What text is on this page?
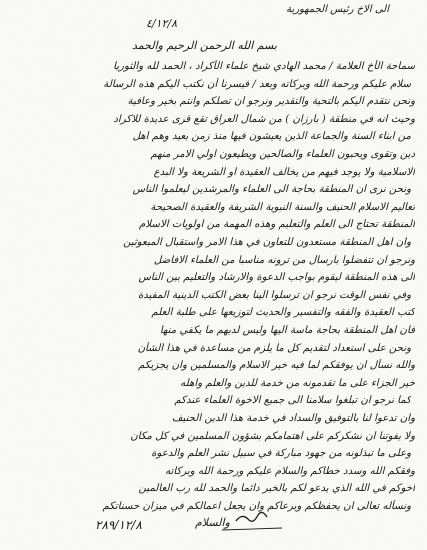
الى الاخ رئيس الجمهورية
٤/١٢/٨
بسم الله الرحمن الرحيم والحمد
سماحة الأخ العلامة / محمد الهادي شيخ علماء الأكراد ، الحمد لله والثوريا
سلام عليكم ورحمة الله وبركاته وبعد / فيسرنا أن نكتب اليكم هذه الرسالة
ونحن نتقدم اليكم بالتحية والتقدير ونرجو ان تصلكم وانتم بخير وعافية
وحيث انه في منطقة ( بارزان ) من شمال العراق تقع قرى عديدة للاكراد
من ابناء السنة والجماعة الذين يعيشون فيها منذ زمن بعيد وهم اهل
دين وتقوى ويحبون العلماء والصالحين ويطيعون اولي الامر منهم
الاسلامية ولا يوجد فيهم من يخالف العقيدة او الشريعة ولا البدع
ونحن نرى ان المنطقة بحاجة الى العلماء والمرشدين ليعلموا الناس
تعاليم الاسلام الحنيف والسنة النبوية الشريفة والعقيدة الصحيحة
المنطقة تحتاج الى العلم والتعليم وهذه المهمة من اولويات الاسلام
وان اهل المنطقة مستعدون للتعاون في هذا الامر واستقبال المبعوثين
ونرجو ان تتفضلوا بارسال من ترونه مناسبا من العلماء الافاضل
الى هذه المنطقة ليقوم بواجب الدعوة والارشاد والتعليم بين الناس
وفي نفس الوقت نرجو ان ترسلوا الينا بعض الكتب الدينية المفيدة
كتب العقيدة والفقه والتفسير والحديث لتوزيعها على طلبة العلم
فان اهل المنطقة بحاجة ماسة اليها وليس لديهم ما يكفي منها
ونحن على استعداد لتقديم كل ما يلزم من مساعدة في هذا الشأن
والله نسأل ان يوفقكم لما فيه خير الاسلام والمسلمين وان يجزيكم
خير الجزاء على ما تقدمونه من خدمة للدين والعلم واهله
كما نرجو ان تبلغوا سلامنا الى جميع الاخوة العلماء عندكم
وان تدعوا لنا بالتوفيق والسداد في خدمة هذا الدين الحنيف
ولا يفوتنا ان نشكركم على اهتمامكم بشؤون المسلمين في كل مكان
وعلى ما تبذلونه من جهود مباركة في سبيل نشر العلم والدعوة
وفقكم الله وسدد خطاكم والسلام عليكم ورحمة الله وبركاته
اخوكم في الله الذي يدعو لكم بالخير دائما والحمد لله رب العالمين
ونسأله تعالى ان يحفظكم ويرعاكم وان يجعل اعمالكم في ميزان حسناتكم
٢٨٩/١٢/٨	والسلام
